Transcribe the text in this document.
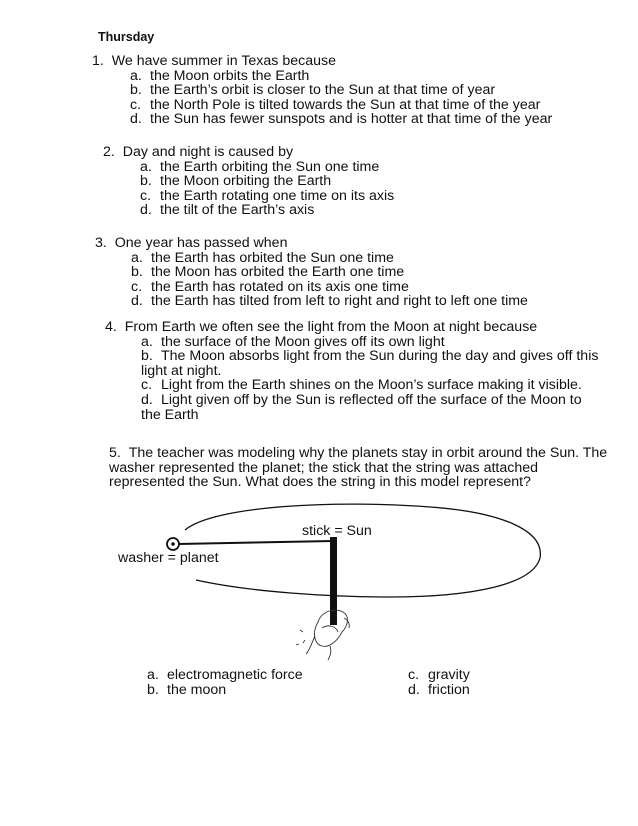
Thursday
1. We have summer in Texas because
a. the Moon orbits the Earth
b. the Earth’s orbit is closer to the Sun at that time of year
c. the North Pole is tilted towards the Sun at that time of the year
d. the Sun has fewer sunspots and is hotter at that time of the year
2. Day and night is caused by
a. the Earth orbiting the Sun one time
b. the Moon orbiting the Earth
c. the Earth rotating one time on its axis
d. the tilt of the Earth’s axis
3. One year has passed when
a. the Earth has orbited the Sun one time
b. the Moon has orbited the Earth one time
c. the Earth has rotated on its axis one time
d. the Earth has tilted from left to right and right to left one time
4. From Earth we often see the light from the Moon at night because
a. the surface of the Moon gives off its own light
b. The Moon absorbs light from the Sun during the day and gives off this light at night.
c. Light from the Earth shines on the Moon’s surface making it visible.
d. Light given off by the Sun is reflected off the surface of the Moon to the Earth
5. The teacher was modeling why the planets stay in orbit around the Sun. The washer represented the planet; the stick that the string was attached represented the Sun. What does the string in this model represent?
stick = Sun
washer = planet
a. electromagnetic force
b. the moon
c. gravity
d. friction
